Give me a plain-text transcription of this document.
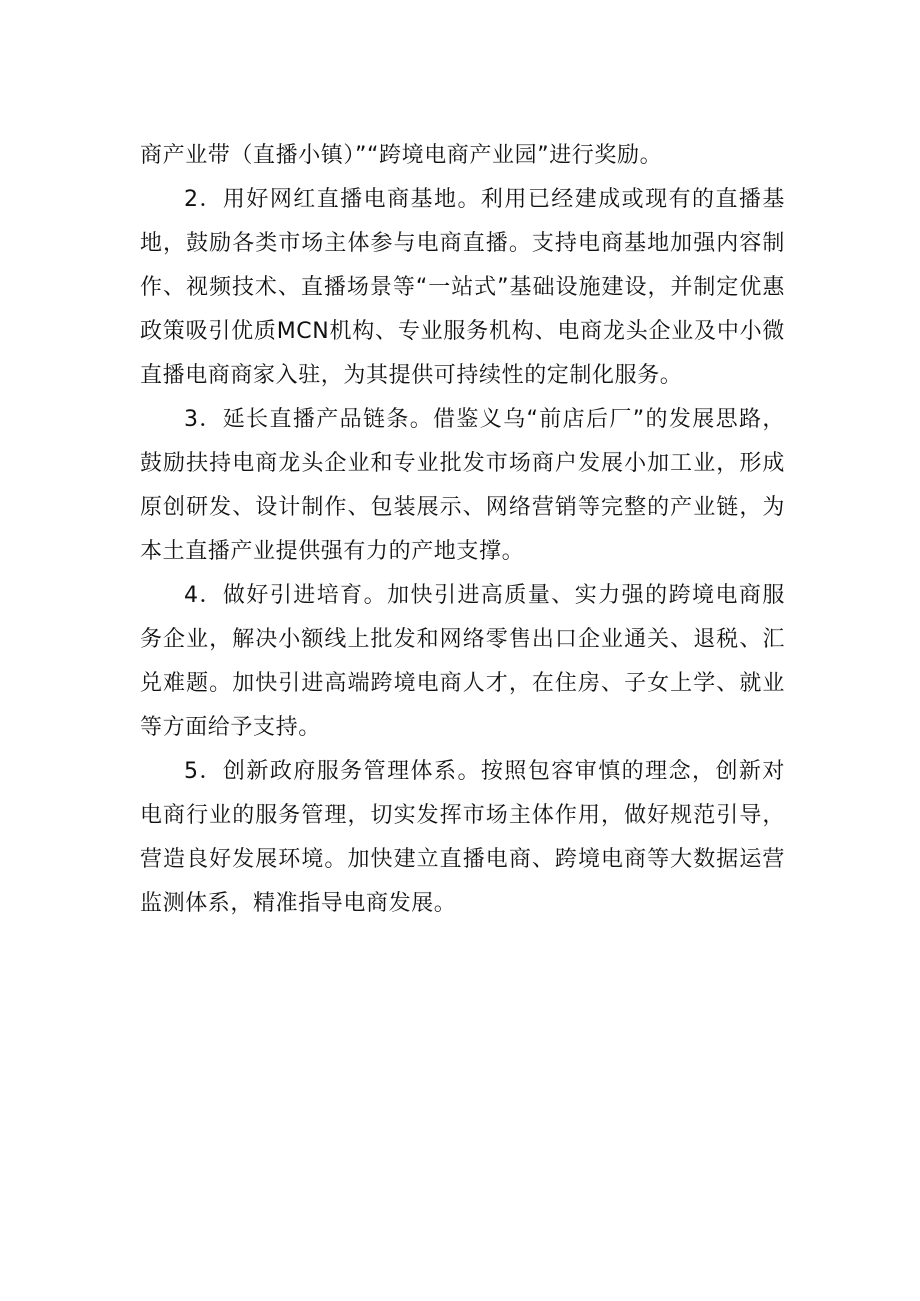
商产业带（直播小镇）”“跨境电商产业园”进行奖励。

2．用好网红直播电商基地。利用已经建成或现有的直播基地，鼓励各类市场主体参与电商直播。支持电商基地加强内容制作、视频技术、直播场景等“一站式”基础设施建设，并制定优惠政策吸引优质MCN机构、专业服务机构、电商龙头企业及中小微直播电商商家入驻，为其提供可持续性的定制化服务。

3．延长直播产品链条。借鉴义乌“前店后厂”的发展思路，鼓励扶持电商龙头企业和专业批发市场商户发展小加工业，形成原创研发、设计制作、包装展示、网络营销等完整的产业链，为本土直播产业提供强有力的产地支撑。

4．做好引进培育。加快引进高质量、实力强的跨境电商服务企业，解决小额线上批发和网络零售出口企业通关、退税、汇兑难题。加快引进高端跨境电商人才，在住房、子女上学、就业等方面给予支持。

5．创新政府服务管理体系。按照包容审慎的理念，创新对电商行业的服务管理，切实发挥市场主体作用，做好规范引导，营造良好发展环境。加快建立直播电商、跨境电商等大数据运营监测体系，精准指导电商发展。
